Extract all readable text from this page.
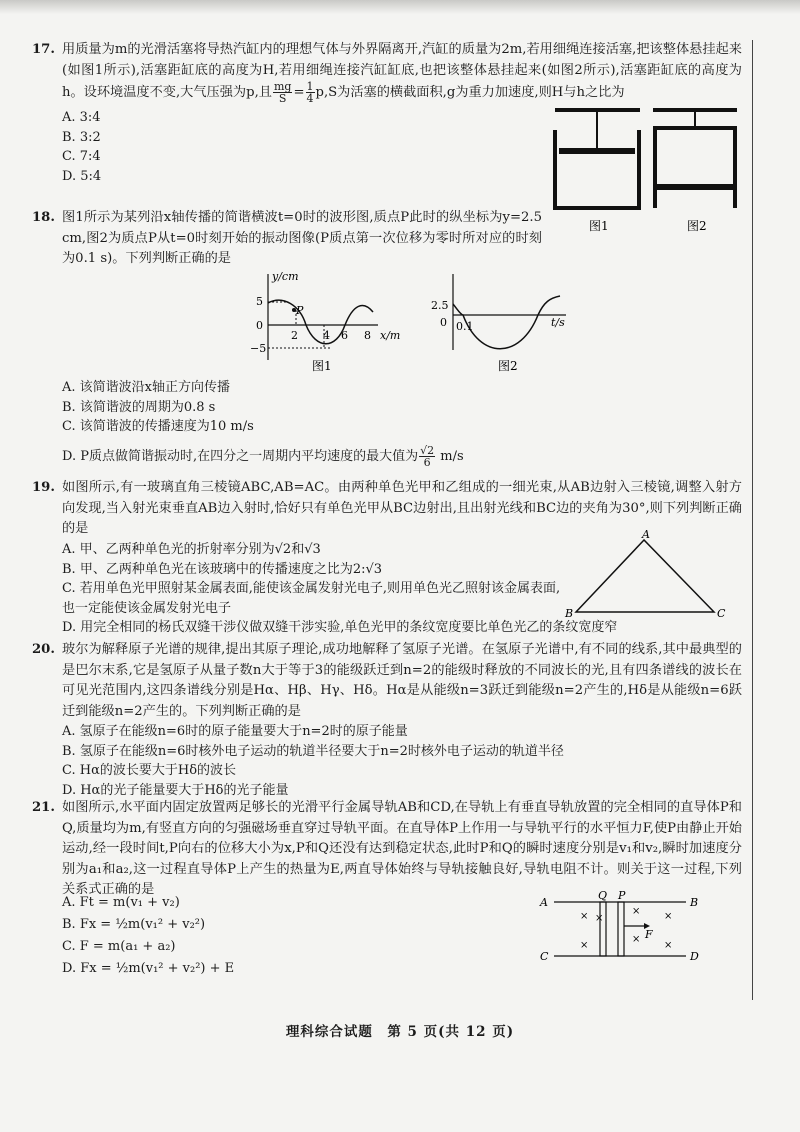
17. 用质量为m的光滑活塞将导热汽缸内的理想气体与外界隔离开,汽缸的质量为2m,若用细绳连接活塞,把该整体悬挂起来(如图1所示),活塞距缸底的高度为H,若用细绳连接汽缸缸底,也把该整体悬挂起来(如图2所示),活塞距缸底的高度为h。设环境温度不变,大气压强为p,且 $\frac{mg}{S} = \frac{1}{4} p,S$为活塞的横截面积,g为重力加速度,则H与h之比为
A. 3:4
B. 3:2
C. 7:4
D. 5:4
图1	图2
18. 图1所示为某列沿x轴传播的简谐横波t=0时的波形图,质点P此时的纵坐标为y=2.5 cm,图2为质点P从t=0时刻开始的振动图像(P质点第一次位移为零时所对应的时刻为0.1 s)。下列判断正确的是
y/cm
5
0
−5
2 4 6 8 x/m
P
图1
2.5
0 0.1	t/s
图2
A. 该简谐波沿x轴正方向传播
B. 该简谐波的周期为0.8 s
C. 该简谐波的传播速度为10 m/s
D. P质点做简谐振动时,在四分之一周期内平均速度的最大值为 $\frac{√2}{6} m/s$
19. 如图所示,有一玻璃直角三棱镜ABC,AB=AC。由两种单色光甲和乙组成的一细光束,从AB边射入三棱镜,调整入射方向发现,当入射光束垂直AB边入射时,恰好只有单色光甲从BC边射出,且出射光线和BC边的夹角为30°,则下列判断正确的是
A. 甲、乙两种单色光的折射率分别为√2和√3
B. 甲、乙两种单色光在该玻璃中的传播速度之比为2:√3
C. 若用单色光甲照射某金属表面,能使该金属发射光电子,则用单色光乙照射该金属表面,也一定能使该金属发射光电子
D. 用完全相同的杨氏双缝干涉仪做双缝干涉实验,单色光甲的条纹宽度要比单色光乙的条纹宽度窄
A
B	C
20. 玻尔为解释原子光谱的规律,提出其原子理论,成功地解释了氢原子光谱。在氢原子光谱中,有不同的线系,其中最典型的是巴尔末系,它是氢原子从量子数n大于等于3的能级跃迁到n=2的能级时释放的不同波长的光,且有四条谱线的波长在可见光范围内,这四条谱线分别是Hα、Hβ、Hγ、Hδ。Hα是从能级n=3跃迁到能级n=2产生的,Hδ是从能级n=6跃迁到能级n=2产生的。下列判断正确的是
A. 氢原子在能级n=6时的原子能量要大于n=2时的原子能量
B. 氢原子在能级n=6时核外电子运动的轨道半径要大于n=2时核外电子运动的轨道半径
C. Hα的波长要大于Hδ的波长
D. Hα的光子能量要大于Hδ的光子能量
21. 如图所示,水平面内固定放置两足够长的光滑平行金属导轨AB和CD,在导轨上有垂直导轨放置的完全相同的直导体P和Q,质量均为m,有竖直方向的匀强磁场垂直穿过导轨平面。在直导体P上作用一与导轨平行的水平恒力F,使P由静止开始运动,经一段时间t,P向右的位移大小为x,P和Q还没有达到稳定状态,此时P和Q的瞬时速度分别是v₁和v₂,瞬时加速度分别为a₁和a₂,这一过程直导体P上产生的热量为E,两直导体始终与导轨接触良好,导轨电阻不计。则关于这一过程,下列关系式正确的是
A. Ft = m(v₁ + v₂)
B. Fx = ½m(v₁² + v₂²)
C. F = m(a₁ + a₂)
D. Fx = ½m(v₁² + v₂²) + E
×
×
×
×
×
×
×
A	B
C	D
Q P
F
理科综合试题　第 5 页(共 12 页)
